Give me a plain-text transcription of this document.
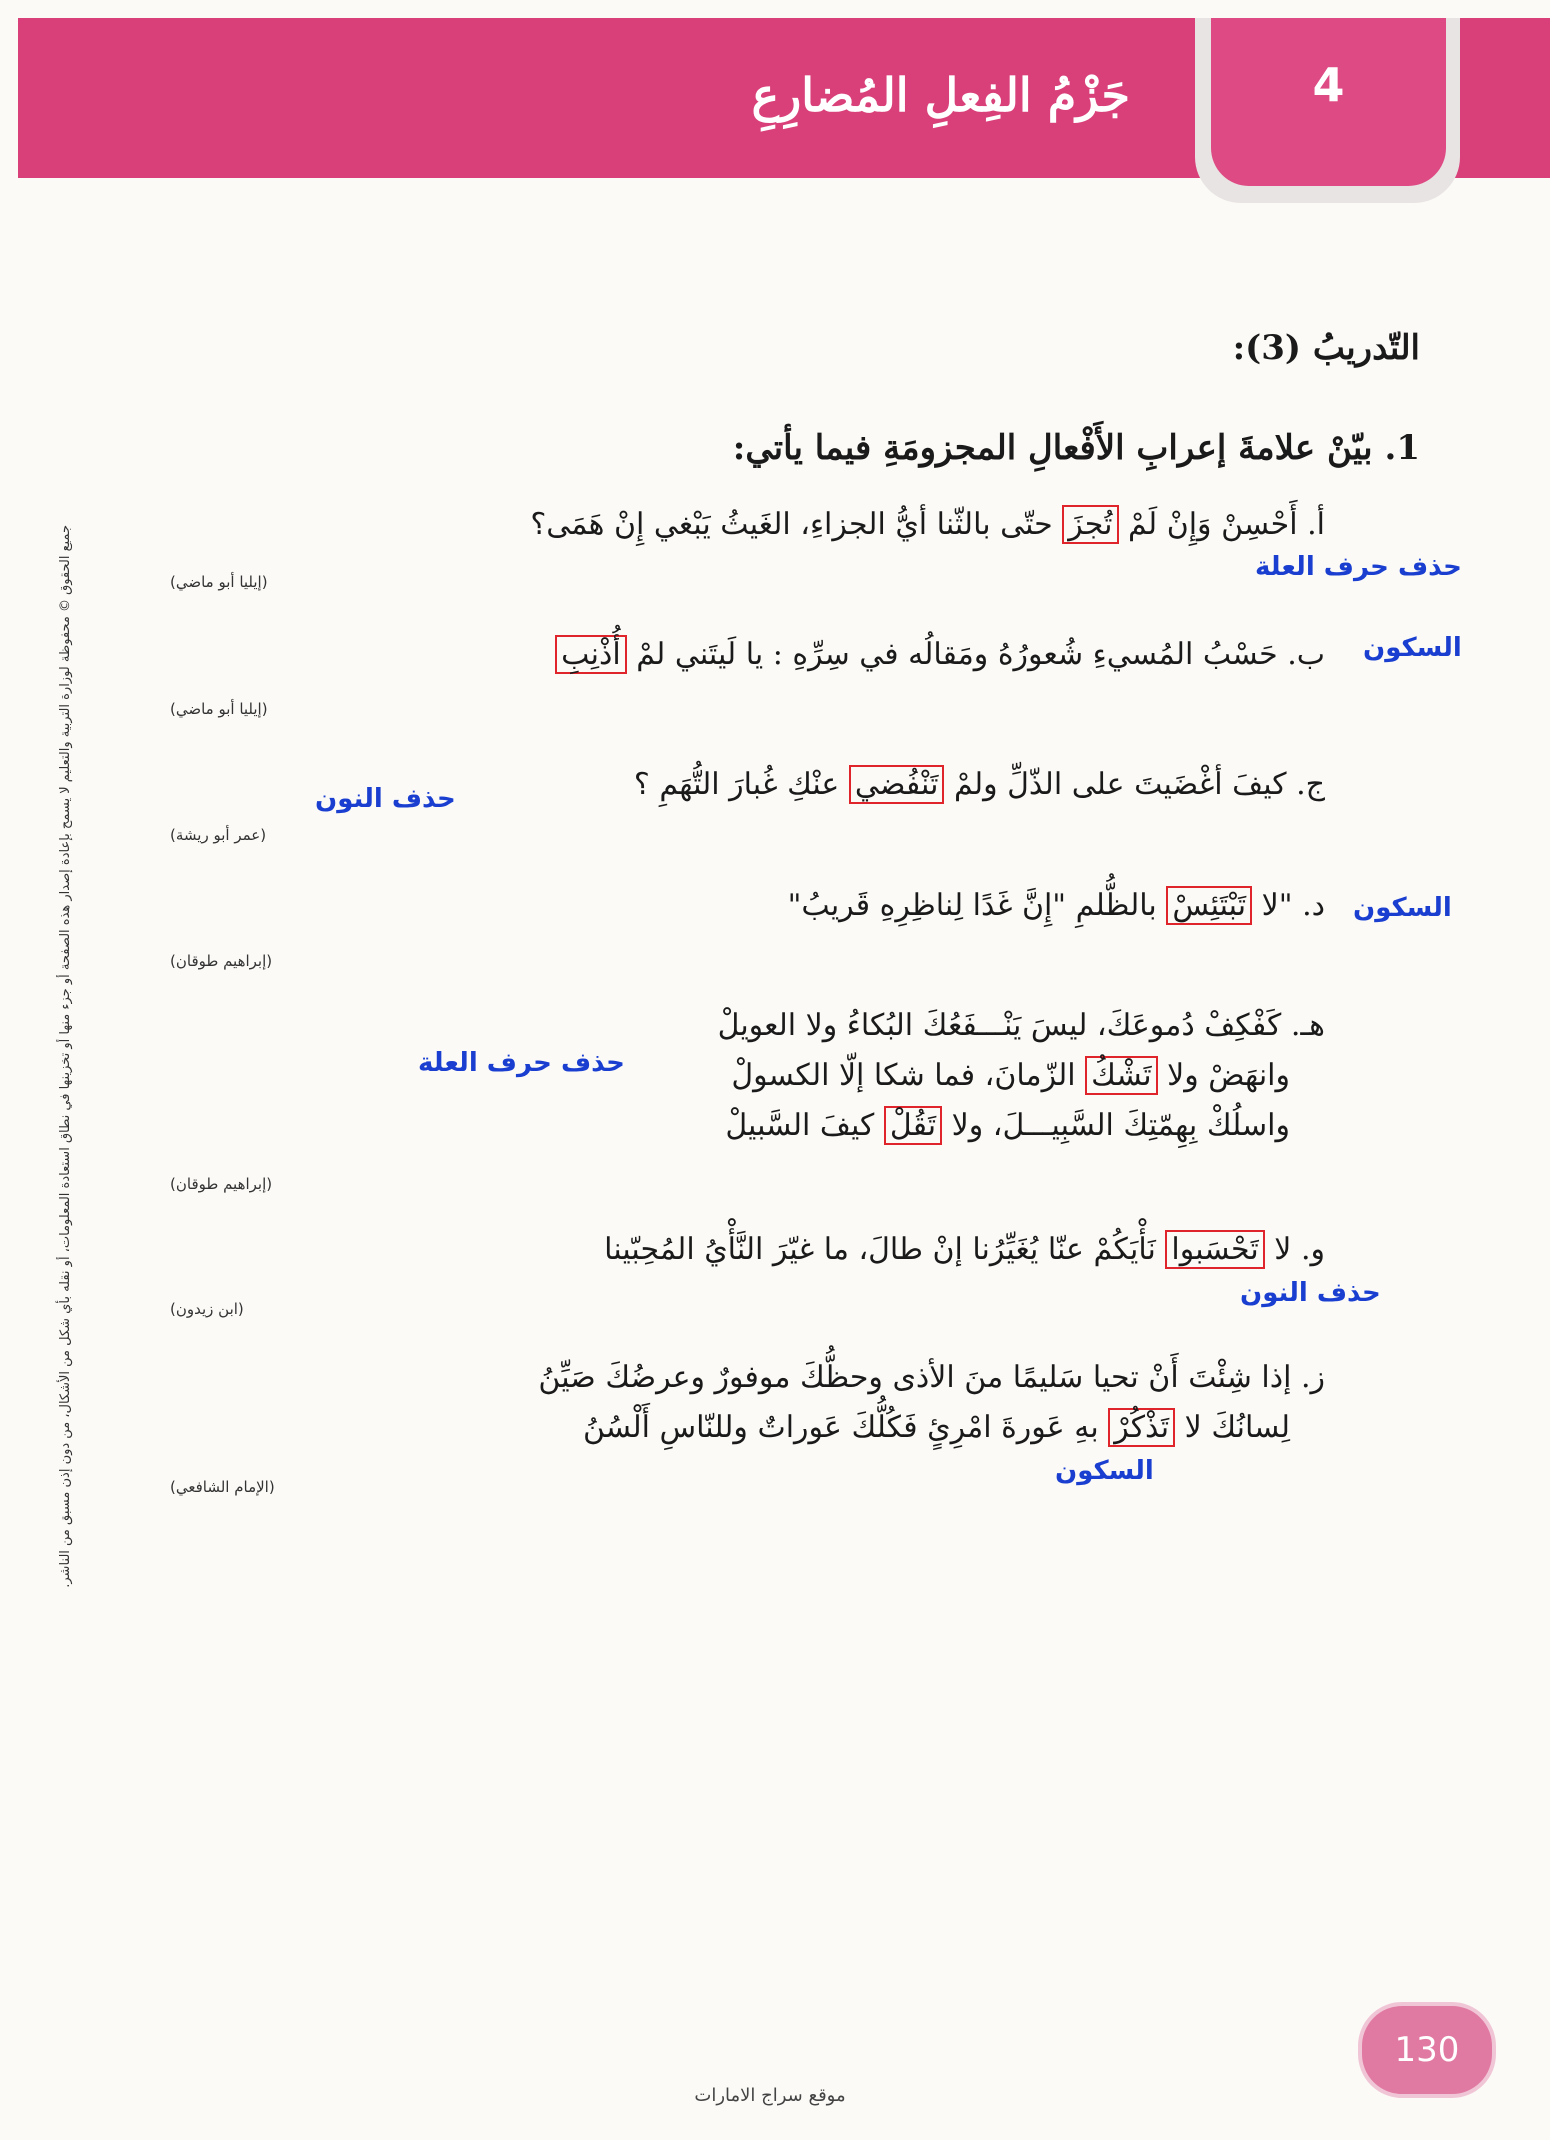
4
جَزْمُ الفِعلِ المُضارِعِ
جميع الحقوق © محفوظة لوزارة التربية والتعليم لا يسمح بإعادة إصدار هذه الصفحة أو جزء منها أو تخزينها في نطاق استعادة المعلومات، أو نقله بأي شكل من الأشكال، من دون إذن مسبق من الناشر.
التّدريبُ (3):
1. بيّنْ علامةَ إعرابِ الأَفْعالِ المجزومَةِ فيما يأتي:
أ. أَحْسِنْ وَإِنْ لَمْ تُجزَ حتّى بالثّنا أيُّ الجزاءِ، الغَيثُ يَبْغي إِنْ هَمَى؟
حذف حرف العلة
(إيليا أبو ماضي)
ب. حَسْبُ المُسيءِ شُعورُهُ ومَقالُه في سِرِّهِ : يا لَيتَني لمْ أُذْنِبِ	السكون
(إيليا أبو ماضي)
ج. كيفَ أغْضَيتَ على الذّلِّ ولمْ تَنْفُضي عنْكِ غُبارَ التُّهَمِ ؟
حذف النون
(عمر أبو ريشة)
د. "لا تَبْتَئِسْ بالظُّلمِ "إِنَّ غَدًا لِناظِرِهِ قَريبُ"	السكون
(إبراهيم طوقان)
هـ. كَفْكِفْ دُموعَكَ، ليسَ يَنْـــفَعُكَ البُكاءُ ولا العويلْ
وانهَضْ ولا تَشْكُ الزّمانَ، فما شكا إلّا الكسولْ
واسلُكْ بِهِمّتِكَ السَّبِيـــلَ، ولا تَقُلْ كيفَ السَّبيلْ
حذف حرف العلة
(إبراهيم طوقان)
و. لا تَحْسَبوا نَأْيَكُمْ عنّا يُغَيِّرُنا إنْ طالَ، ما غيّرَ النَّأْيُ المُحِبّينا
حذف النون
(ابن زيدون)
ز. إذا شِئْتَ أَنْ تحيا سَليمًا منَ الأذى وحظُّكَ موفورٌ وعرضُكَ صَيِّنُ
لِسانُكَ لا تَذْكُرْ بهِ عَورةَ امْرِئٍ فَكُلُّكَ عَوراتٌ وللنّاسِ أَلْسُنُ
السكون
(الإمام الشافعي)
130
موقع سراج الامارات
